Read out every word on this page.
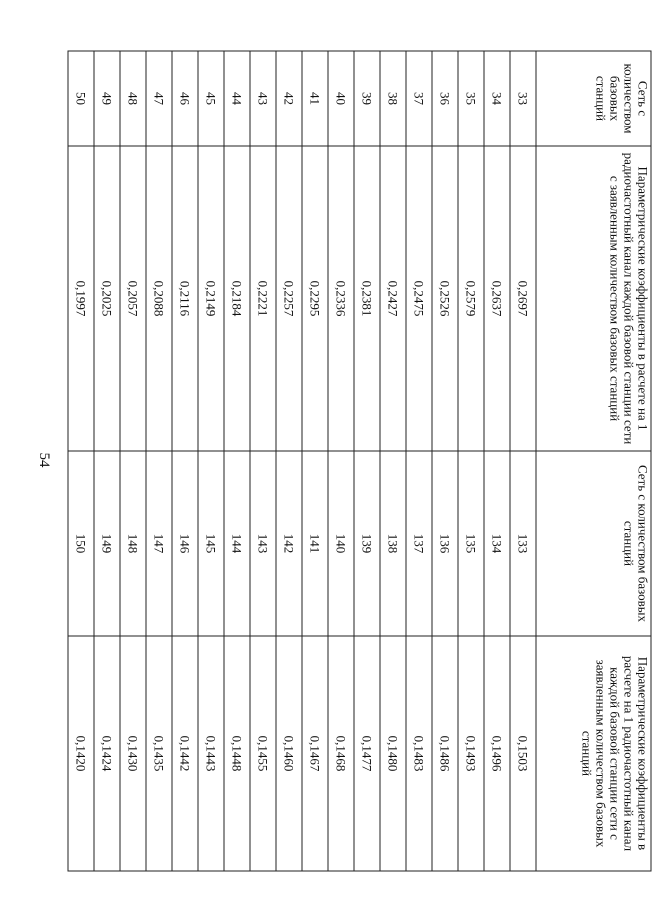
54
Сеть с количеством базовых станций	Параметрические коэффициенты в расчете на 1 радиочастотный канал каждой базовой станции сети с заявленным количеством базовых станций	Сеть с количеством базовых станций	Параметрические коэффициенты в расчете на 1 радиочастотный канал каждой базовой станции сети с заявленным количеством базовых станций
33	0,2697	133	0,1503
34	0,2637	134	0,1496
35	0,2579	135	0,1493
36	0,2526	136	0,1486
37	0,2475	137	0,1483
38	0,2427	138	0,1480
39	0,2381	139	0,1477
40	0,2336	140	0,1468
41	0,2295	141	0,1467
42	0,2257	142	0,1460
43	0,2221	143	0,1455
44	0,2184	144	0,1448
45	0,2149	145	0,1443
46	0,2116	146	0,1442
47	0,2088	147	0,1435
48	0,2057	148	0,1430
49	0,2025	149	0,1424
50	0,1997	150	0,1420
